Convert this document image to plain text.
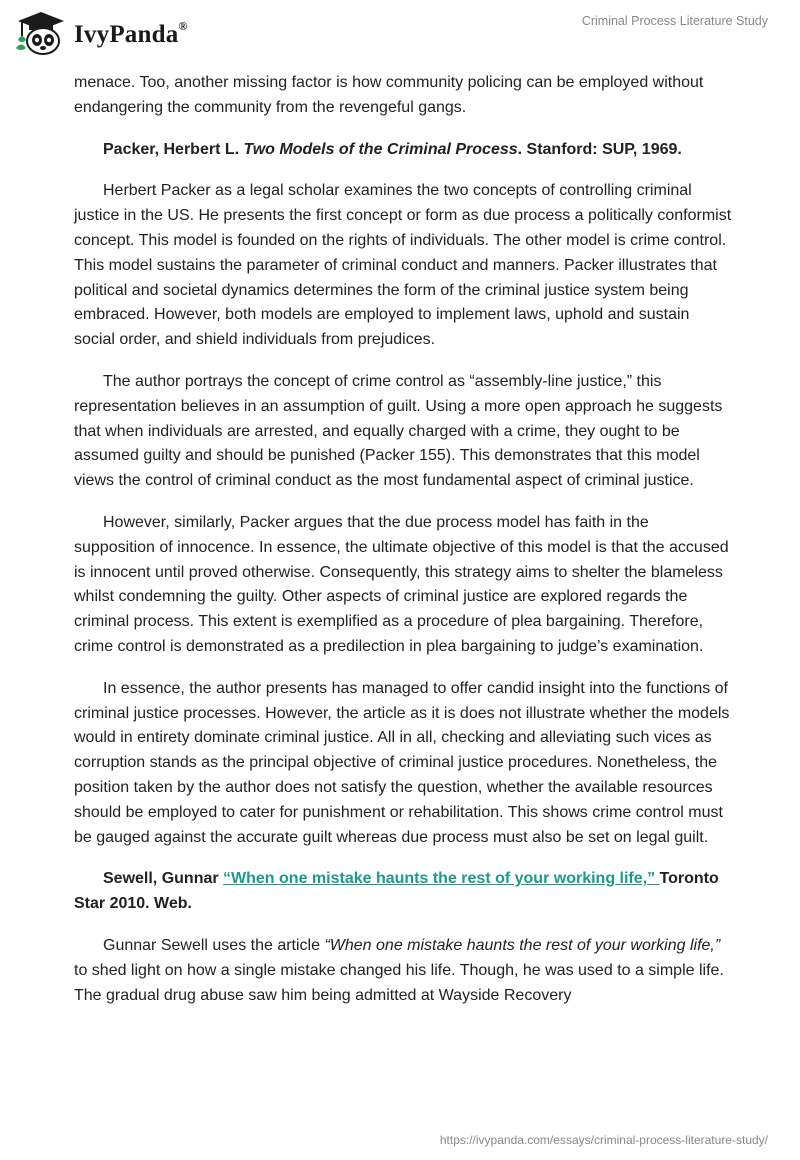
IvyPanda®	Criminal Process Literature Study

menace. Too, another missing factor is how community policing can be employed without endangering the community from the revengeful gangs.

Packer, Herbert L. Two Models of the Criminal Process. Stanford: SUP, 1969.

Herbert Packer as a legal scholar examines the two concepts of controlling criminal justice in the US. He presents the first concept or form as due process a politically conformist concept. This model is founded on the rights of individuals. The other model is crime control. This model sustains the parameter of criminal conduct and manners. Packer illustrates that political and societal dynamics determines the form of the criminal justice system being embraced. However, both models are employed to implement laws, uphold and sustain social order, and shield individuals from prejudices.

The author portrays the concept of crime control as “assembly-line justice,” this representation believes in an assumption of guilt. Using a more open approach he suggests that when individuals are arrested, and equally charged with a crime, they ought to be assumed guilty and should be punished (Packer 155). This demonstrates that this model views the control of criminal conduct as the most fundamental aspect of criminal justice.

However, similarly, Packer argues that the due process model has faith in the supposition of innocence. In essence, the ultimate objective of this model is that the accused is innocent until proved otherwise. Consequently, this strategy aims to shelter the blameless whilst condemning the guilty. Other aspects of criminal justice are explored regards the criminal process. This extent is exemplified as a procedure of plea bargaining. Therefore, crime control is demonstrated as a predilection in plea bargaining to judge’s examination.

In essence, the author presents has managed to offer candid insight into the functions of criminal justice processes. However, the article as it is does not illustrate whether the models would in entirety dominate criminal justice. All in all, checking and alleviating such vices as corruption stands as the principal objective of criminal justice procedures. Nonetheless, the position taken by the author does not satisfy the question, whether the available resources should be employed to cater for punishment or rehabilitation. This shows crime control must be gauged against the accurate guilt whereas due process must also be set on legal guilt.

Sewell, Gunnar “When one mistake haunts the rest of your working life,” Toronto Star 2010. Web.

Gunnar Sewell uses the article “When one mistake haunts the rest of your working life,” to shed light on how a single mistake changed his life. Though, he was used to a simple life. The gradual drug abuse saw him being admitted at Wayside Recovery

https://ivypanda.com/essays/criminal-process-literature-study/
